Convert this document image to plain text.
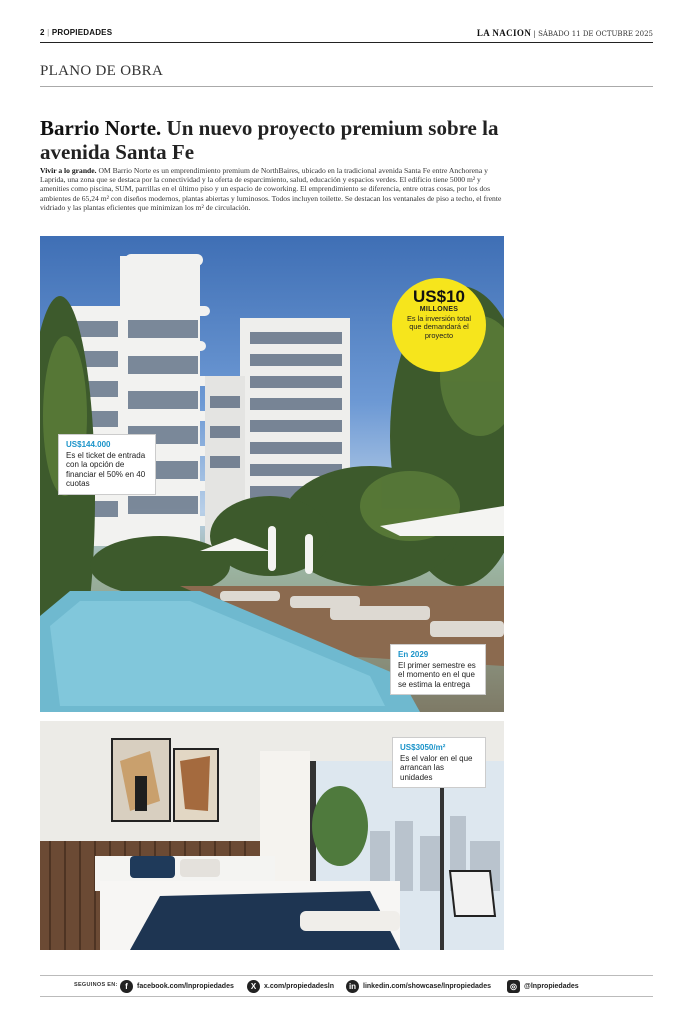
2 | PROPIEDADES	LA NACION | SÁBADO 11 DE OCTUBRE 2025
PLANO DE OBRA
Barrio Norte. Un nuevo proyecto premium sobre la avenida Santa Fe

Vivir a lo grande. OM Barrio Norte es un emprendimiento premium de NorthBaires, ubicado en la tradicional avenida Santa Fe entre Anchorena y Laprida, una zona que se destaca por la conectividad y la oferta de esparcimiento, salud, educación y espacios verdes. El edificio tiene 5000 m² y amenities como piscina, SUM, parrillas en el último piso y un espacio de coworking. El emprendimiento se diferencia, entre otras cosas, por los dos ambientes de 65,24 m² con diseños modernos, plantas abiertas y luminosos. Todos incluyen toilette. Se destacan los ventanales de piso a techo, el frente vidriado y las plantas eficientes que minimizan los m² de circulación.

US$10
MILLONES
Es la inversión total que demandará el proyecto
US$144.000
Es el ticket de entrada con la opción de financiar el 50% en 40 cuotas
En 2029
El primer semestre es el momento en el que se estima la entrega
US$3050/m²
Es el valor en el que arrancan las unidades
SEGUINOS EN: f	facebook.com/lnpropiedades	X	x.com/propiedadesln	in linkedin.com/showcase/lnpropiedades	◎	@lnpropiedades
